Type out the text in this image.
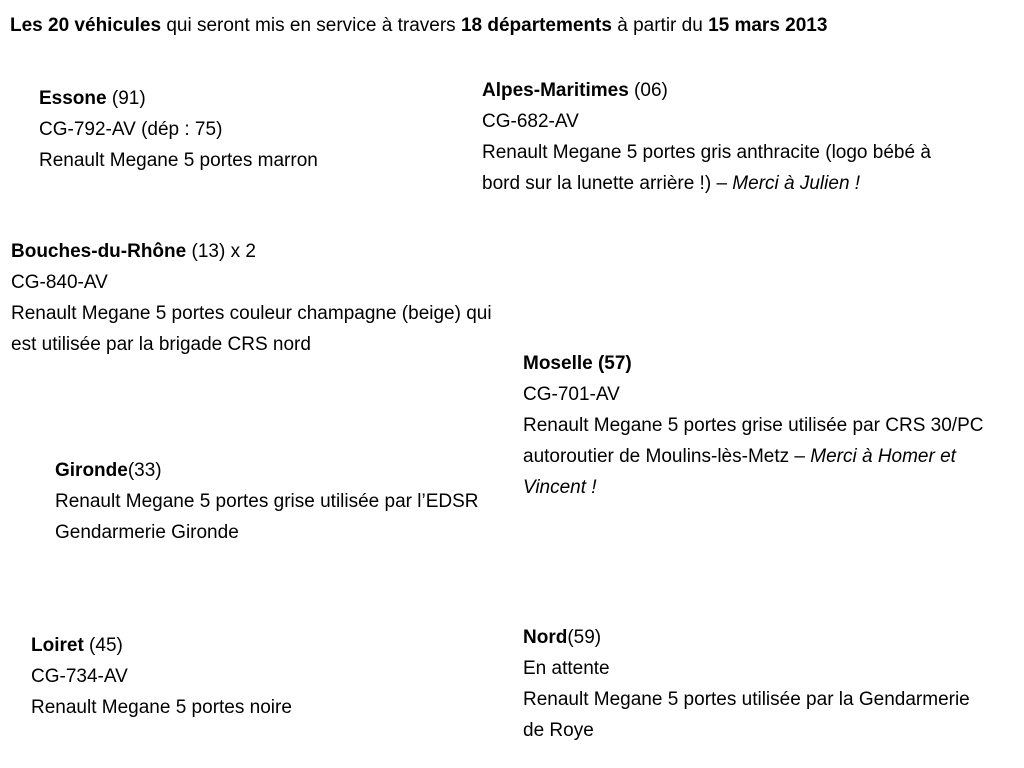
Les 20 véhicules qui seront mis en service à travers 18 départements à partir du 15 mars 2013
Essone (91)
CG-792-AV (dép : 75)
Renault Megane 5 portes marron
Alpes-Maritimes (06)
CG-682-AV
Renault Megane 5 portes gris anthracite (logo bébé à bord sur la lunette arrière !) – Merci à Julien !
Bouches-du-Rhône (13) x 2
CG-840-AV
Renault Megane 5 portes couleur champagne (beige) qui est utilisée par la brigade CRS nord
Moselle (57)
CG-701-AV
Renault Megane 5 portes grise utilisée par CRS 30/PC autoroutier de Moulins-lès-Metz – Merci à Homer et Vincent !
Gironde(33)
Renault Megane 5 portes grise utilisée par l’EDSR Gendarmerie Gironde
Loiret (45)
CG-734-AV
Renault Megane 5 portes noire
Nord(59)
En attente
Renault Megane 5 portes utilisée par la Gendarmerie de Roye
